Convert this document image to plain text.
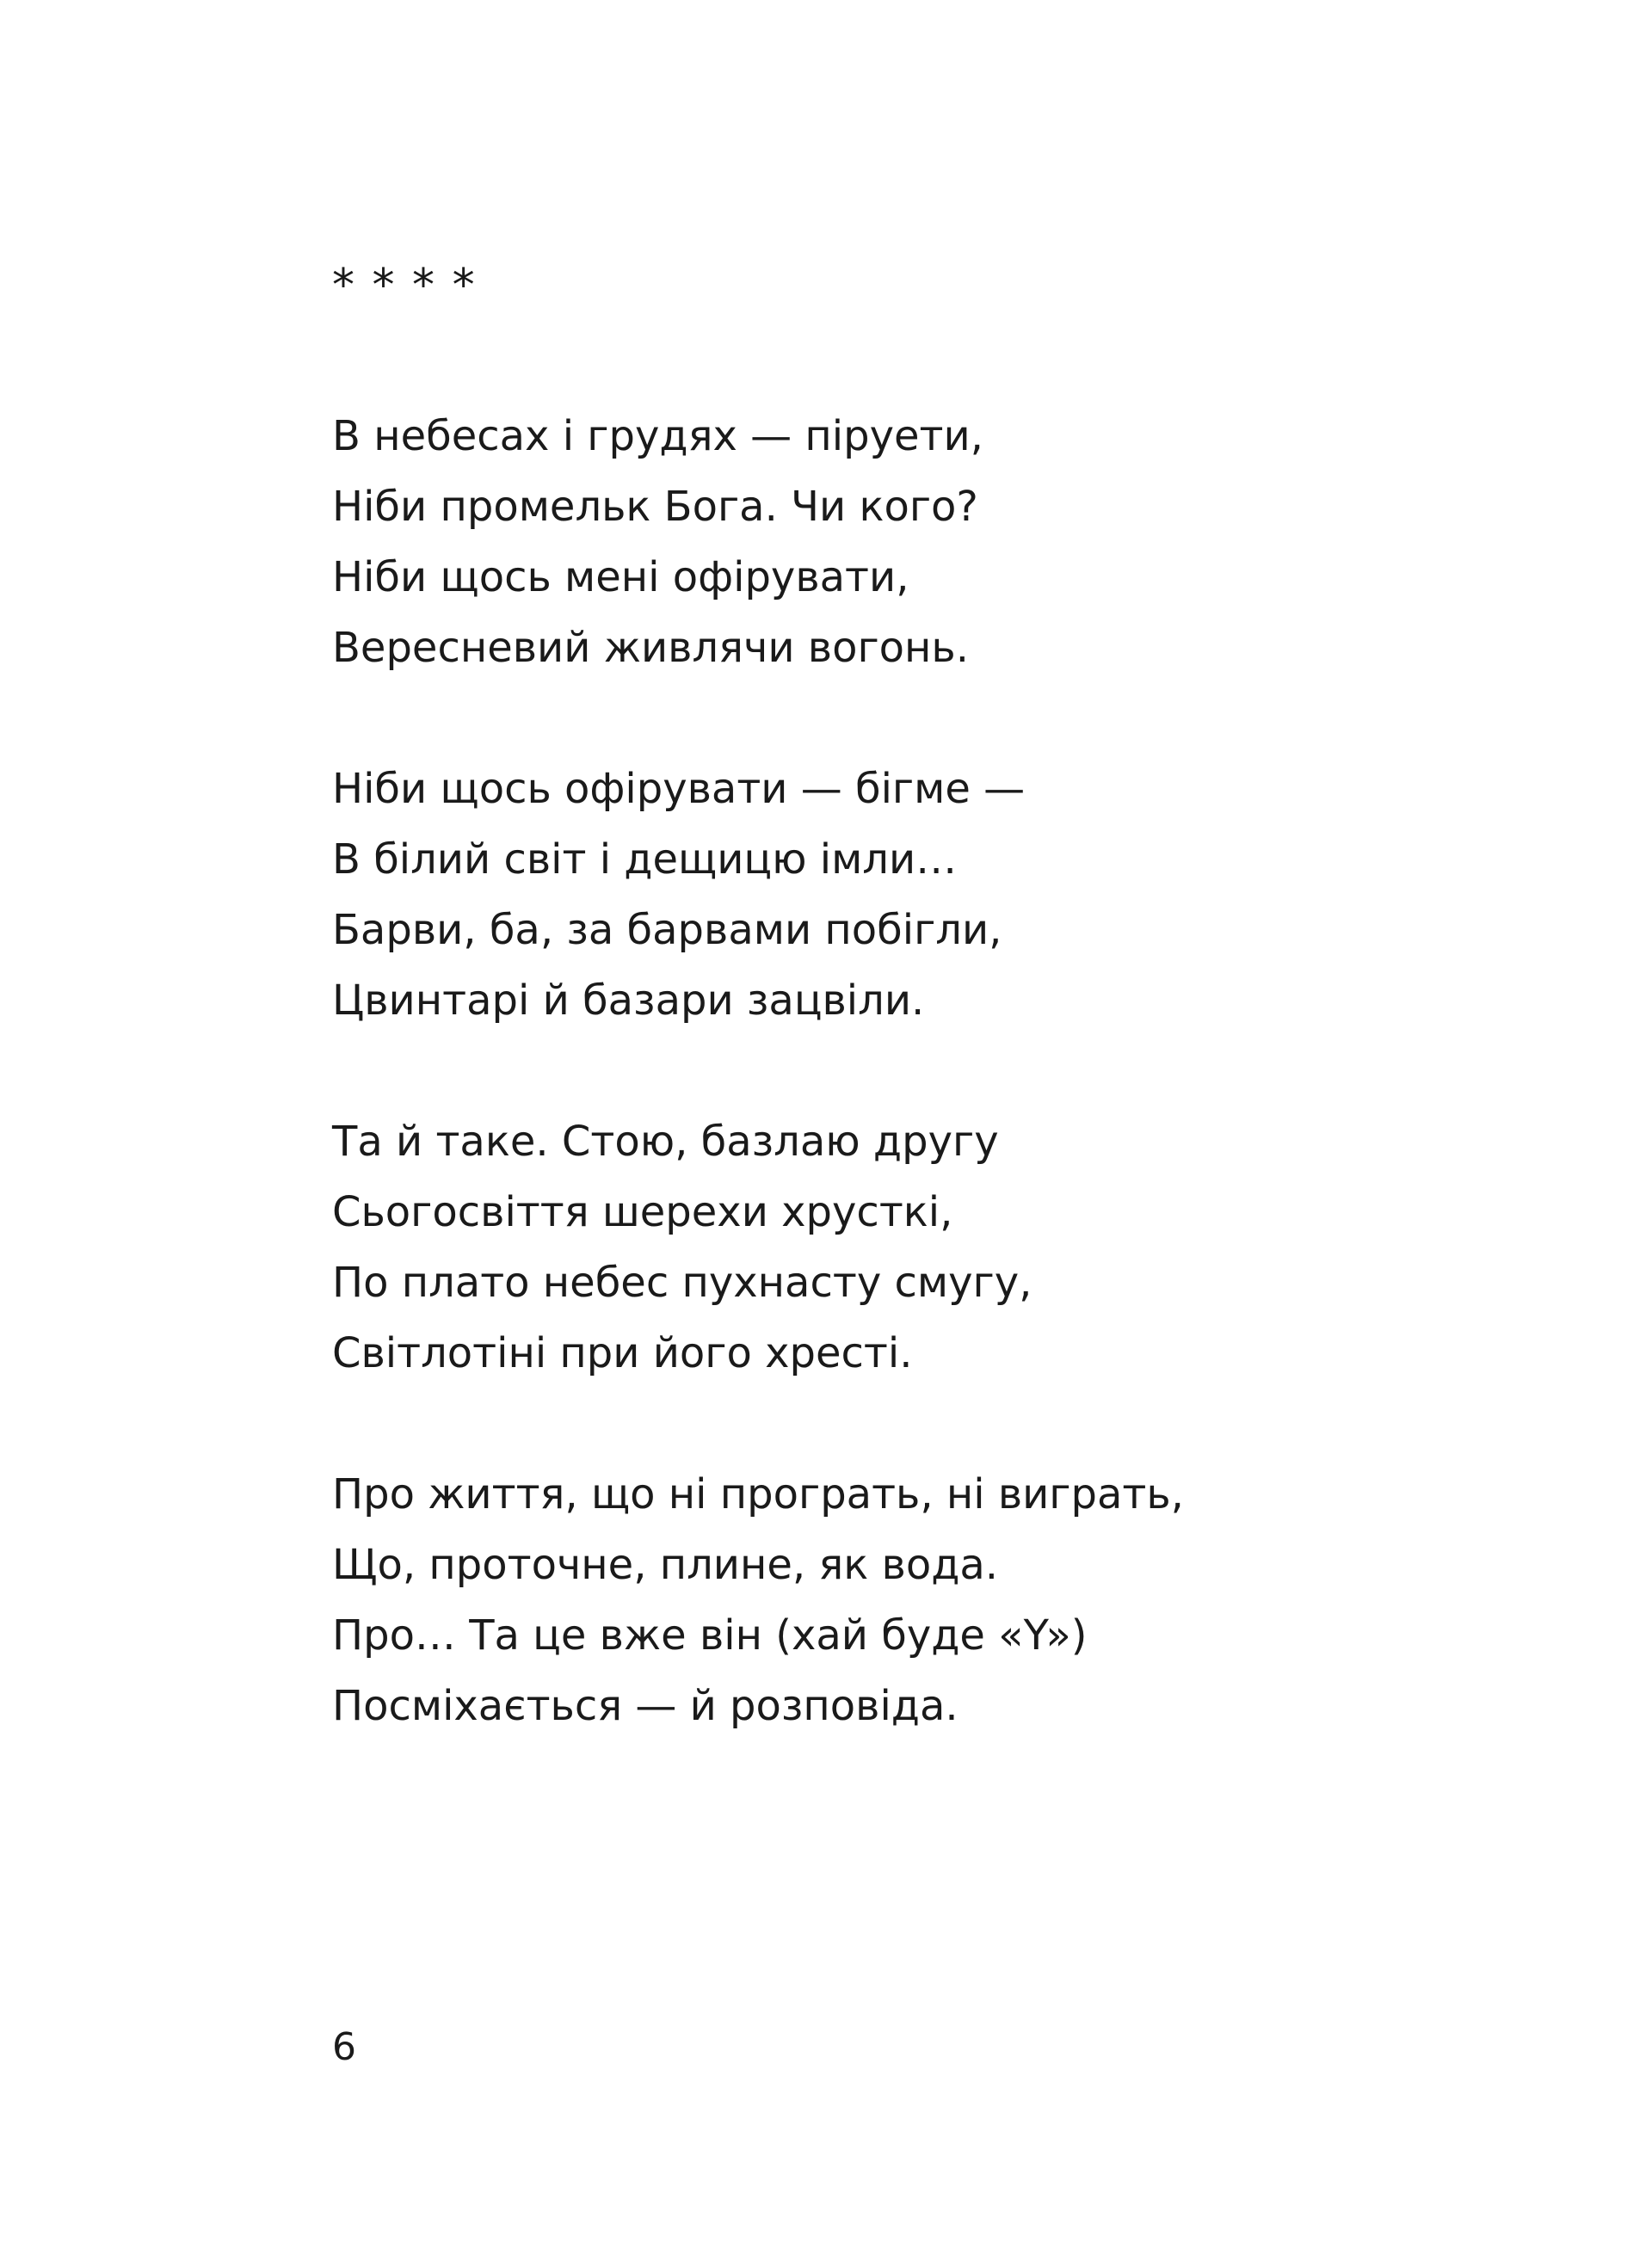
* * * *

В небесах і грудях — піруети,
Ніби промельк Бога. Чи кого?
Ніби щось мені офірувати,
Вересневий живлячи вогонь.

Ніби щось офірувати — бігме —
В білий світ і дещицю імли…
Барви, ба, за барвами побігли,
Цвинтарі й базари зацвіли.

Та й таке. Стою, базлаю другу
Сьогосвіття шерехи хрусткі,
По плато небес пухнасту смугу,
Світлотіні при його хресті.

Про життя, що ні програть, ні виграть,
Що, проточне, плине, як вода.
Про… Та це вже він (хай буде «Y»)
Посміхається — й розповіда.

6
